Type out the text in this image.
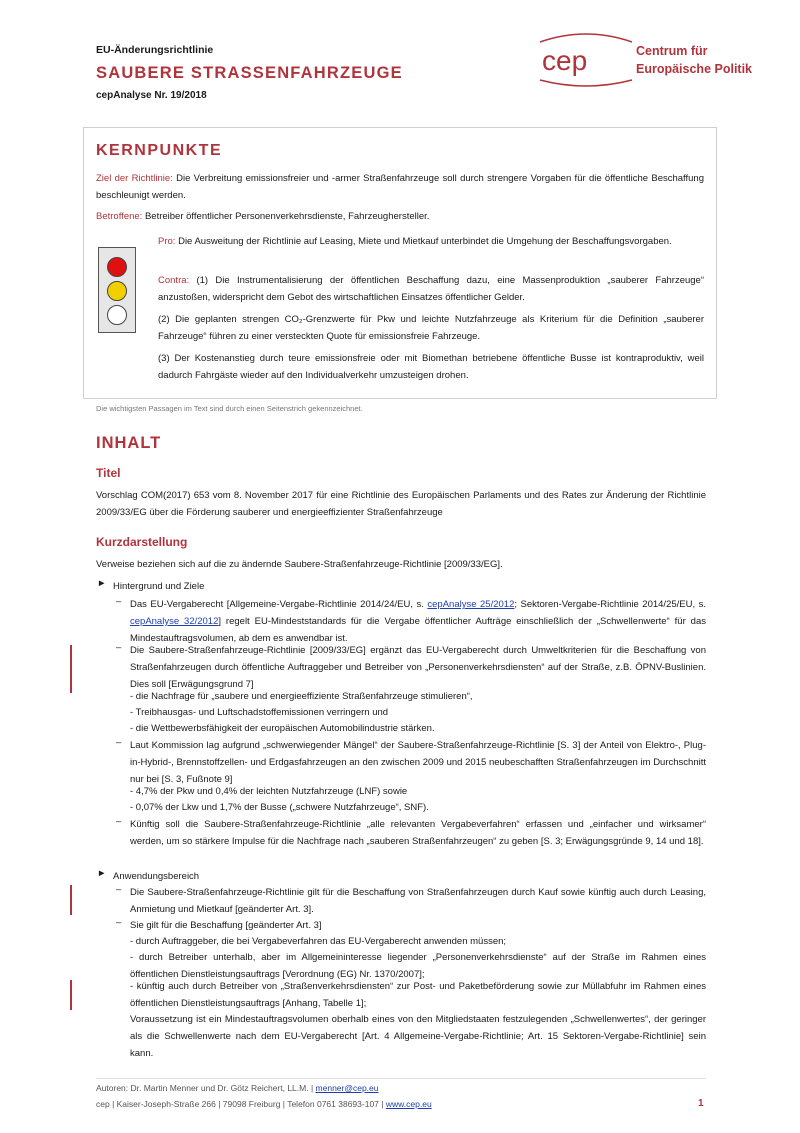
EU-Änderungsrichtlinie
SAUBERE STRASSENFAHRZEUGE
cepAnalyse Nr. 19/2018
cep	Centrum für
Europäische Politik
KERNPUNKTE
Ziel der Richtlinie: Die Verbreitung emissionsfreier und -armer Straßenfahrzeuge soll durch strengere Vorgaben für die öffentliche Beschaffung beschleunigt werden.
Betroffene: Betreiber öffentlicher Personenverkehrsdienste, Fahrzeughersteller.
Pro: Die Ausweitung der Richtlinie auf Leasing, Miete und Mietkauf unterbindet die Umgehung der Beschaffungsvorgaben.
Contra: (1) Die Instrumentalisierung der öffentlichen Beschaffung dazu, eine Massenproduktion „sauberer Fahrzeuge“ anzustoßen, widerspricht dem Gebot des wirtschaftlichen Einsatzes öffentlicher Gelder.
(2) Die geplanten strengen CO₂-Grenzwerte für Pkw und leichte Nutzfahrzeuge als Kriterium für die Definition „sauberer Fahrzeuge“ führen zu einer versteckten Quote für emissionsfreie Fahrzeuge.
(3) Der Kostenanstieg durch teure emissionsfreie oder mit Biomethan betriebene öffentliche Busse ist kontraproduktiv, weil dadurch Fahrgäste wieder auf den Individualverkehr umzusteigen drohen.
Die wichtigsten Passagen im Text sind durch einen Seitenstrich gekennzeichnet.
INHALT
Titel
Vorschlag COM(2017) 653 vom 8. November 2017 für eine Richtlinie des Europäischen Parlaments und des Rates zur Änderung der Richtlinie 2009/33/EG über die Förderung sauberer und energieeffizienter Straßenfahrzeuge
Kurzdarstellung
Verweise beziehen sich auf die zu ändernde Saubere-Straßenfahrzeuge-Richtlinie [2009/33/EG].
► Hintergrund und Ziele
– Das EU-Vergaberecht [Allgemeine-Vergabe-Richtlinie 2014/24/EU, s. cepAnalyse 25/2012; Sektoren-Vergabe-Richtlinie 2014/25/EU, s. cepAnalyse 32/2012] regelt EU-Mindeststandards für die Vergabe öffentlicher Aufträge einschließlich der „Schwellenwerte“ für das Mindestauftragsvolumen, ab dem es anwendbar ist.
– Die Saubere-Straßenfahrzeuge-Richtlinie [2009/33/EG] ergänzt das EU-Vergaberecht durch Umweltkriterien für die Beschaffung von Straßenfahrzeugen durch öffentliche Auftraggeber und Betreiber von „Personenverkehrsdiensten“ auf der Straße, z.B. ÖPNV-Buslinien. Dies soll [Erwägungsgrund 7]
- die Nachfrage für „saubere und energieeffiziente Straßenfahrzeuge stimulieren“,
- Treibhausgas- und Luftschadstoffemissionen verringern und
- die Wettbewerbsfähigkeit der europäischen Automobilindustrie stärken.
– Laut Kommission lag aufgrund „schwerwiegender Mängel“ der Saubere-Straßenfahrzeuge-Richtlinie [S. 3] der Anteil von Elektro-, Plug-in-Hybrid-, Brennstoffzellen- und Erdgasfahrzeugen an den zwischen 2009 und 2015 neubeschafften Straßenfahrzeugen im Durchschnitt nur bei [S. 3, Fußnote 9]
- 4,7% der Pkw und 0,4% der leichten Nutzfahrzeuge (LNF) sowie
- 0,07% der Lkw und 1,7% der Busse („schwere Nutzfahrzeuge“, SNF).
– Künftig soll die Saubere-Straßenfahrzeuge-Richtlinie „alle relevanten Vergabeverfahren“ erfassen und „einfacher und wirksamer“ werden, um so stärkere Impulse für die Nachfrage nach „sauberen Straßenfahrzeugen“ zu geben [S. 3; Erwägungsgründe 9, 14 und 18].
► Anwendungsbereich
– Die Saubere-Straßenfahrzeuge-Richtlinie gilt für die Beschaffung von Straßenfahrzeugen durch Kauf sowie künftig auch durch Leasing, Anmietung und Mietkauf [geänderter Art. 3].
– Sie gilt für die Beschaffung [geänderter Art. 3]
- durch Auftraggeber, die bei Vergabeverfahren das EU-Vergaberecht anwenden müssen;
- durch Betreiber unterhalb, aber im Allgemeininteresse liegender „Personenverkehrsdienste“ auf der Straße im Rahmen eines öffentlichen Dienstleistungsauftrags [Verordnung (EG) Nr. 1370/2007];
- künftig auch durch Betreiber von „Straßenverkehrsdiensten“ zur Post- und Paketbeförderung sowie zur Müllabfuhr im Rahmen eines öffentlichen Dienstleistungsauftrags [Anhang, Tabelle 1];
Voraussetzung ist ein Mindestauftragsvolumen oberhalb eines von den Mitgliedstaaten festzulegenden „Schwellenwertes“, der geringer als die Schwellenwerte nach dem EU-Vergaberecht [Art. 4 Allgemeine-Vergabe-Richtlinie; Art. 15 Sektoren-Vergabe-Richtlinie] sein kann.
Autoren: Dr. Martin Menner und Dr. Götz Reichert, LL.M. | menner@cep.eu
cep | Kaiser-Joseph-Straße 266 | 79098 Freiburg | Telefon 0761 38693-107 | www.cep.eu	1
